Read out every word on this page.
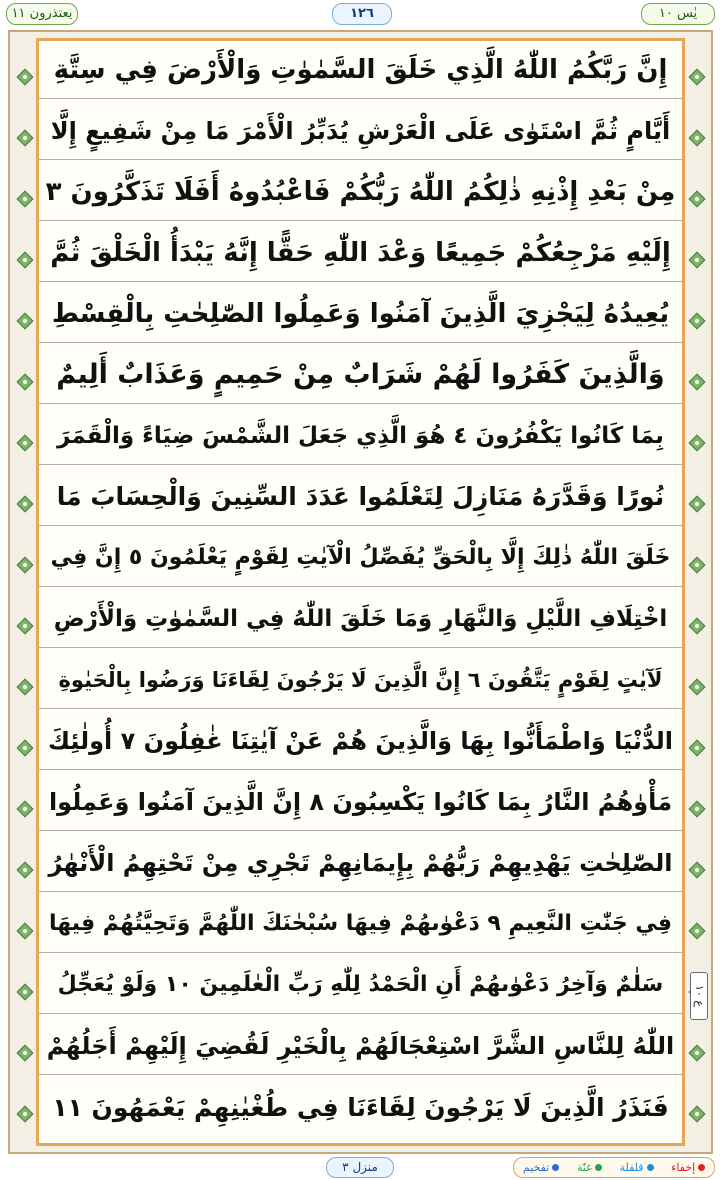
يعتذرون ١١	١٢٦	يٰس ١٠
إِنَّ رَبَّكُمُ اللّٰهُ الَّذِي خَلَقَ السَّمٰوٰتِ وَالْأَرْضَ فِي سِتَّةِ
أَيَّامٍ ثُمَّ اسْتَوٰى عَلَى الْعَرْشِ يُدَبِّرُ الْأَمْرَ مَا مِنْ شَفِيعٍ إِلَّا
مِنْ بَعْدِ إِذْنِهِ ذٰلِكُمُ اللّٰهُ رَبُّكُمْ فَاعْبُدُوهُ أَفَلَا تَذَكَّرُونَ ٣
إِلَيْهِ مَرْجِعُكُمْ جَمِيعًا وَعْدَ اللّٰهِ حَقًّا إِنَّهُ يَبْدَأُ الْخَلْقَ ثُمَّ
يُعِيدُهُ لِيَجْزِيَ الَّذِينَ آمَنُوا وَعَمِلُوا الصّٰلِحٰتِ بِالْقِسْطِ
وَالَّذِينَ كَفَرُوا لَهُمْ شَرَابٌ مِنْ حَمِيمٍ وَعَذَابٌ أَلِيمٌ
بِمَا كَانُوا يَكْفُرُونَ ٤ هُوَ الَّذِي جَعَلَ الشَّمْسَ ضِيَاءً وَالْقَمَرَ
نُورًا وَقَدَّرَهُ مَنَازِلَ لِتَعْلَمُوا عَدَدَ السِّنِينَ وَالْحِسَابَ مَا
خَلَقَ اللّٰهُ ذٰلِكَ إِلَّا بِالْحَقِّ يُفَصِّلُ الْآيٰتِ لِقَوْمٍ يَعْلَمُونَ ٥ إِنَّ فِي
اخْتِلَافِ اللَّيْلِ وَالنَّهَارِ وَمَا خَلَقَ اللّٰهُ فِي السَّمٰوٰتِ وَالْأَرْضِ
لَآيٰتٍ لِقَوْمٍ يَتَّقُونَ ٦ إِنَّ الَّذِينَ لَا يَرْجُونَ لِقَاءَنَا وَرَضُوا بِالْحَيٰوةِ
الدُّنْيَا وَاطْمَأَنُّوا بِهَا وَالَّذِينَ هُمْ عَنْ آيٰتِنَا غٰفِلُونَ ٧ أُولٰئِكَ
مَأْوٰهُمُ النَّارُ بِمَا كَانُوا يَكْسِبُونَ ٨ إِنَّ الَّذِينَ آمَنُوا وَعَمِلُوا
الصّٰلِحٰتِ يَهْدِيهِمْ رَبُّهُمْ بِإِيمَانِهِمْ تَجْرِي مِنْ تَحْتِهِمُ الْأَنْهٰرُ
فِي جَنّٰتِ النَّعِيمِ ٩ دَعْوٰىهُمْ فِيهَا سُبْحٰنَكَ اللّٰهُمَّ وَتَحِيَّتُهُمْ فِيهَا
سَلٰمٌ وَآخِرُ دَعْوٰىهُمْ أَنِ الْحَمْدُ لِلّٰهِ رَبِّ الْعٰلَمِينَ ١٠ وَلَوْ يُعَجِّلُ
اللّٰهُ لِلنَّاسِ الشَّرَّ اسْتِعْجَالَهُمْ بِالْخَيْرِ لَقُضِيَ إِلَيْهِمْ أَجَلُهُمْ
فَنَذَرُ الَّذِينَ لَا يَرْجُونَ لِقَاءَنَا فِي طُغْيٰنِهِمْ يَعْمَهُونَ ١١
ع ١٠
منزل ٣	إخفاء
قلقلة
غنّة
تفخيم
